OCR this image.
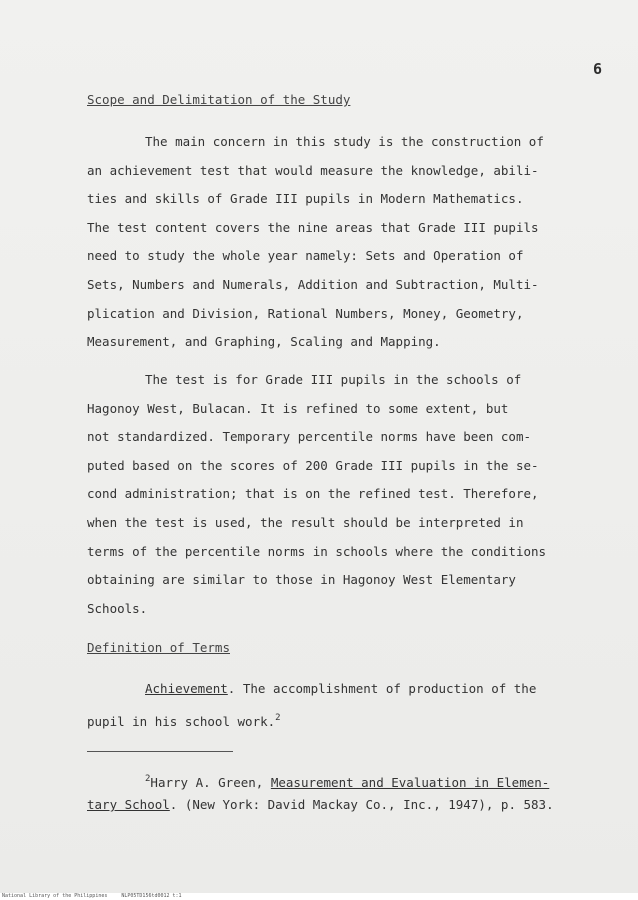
6
Scope and Delimitation of the Study

The main concern in this study is the construction of
an achievement test that would measure the knowledge, abili-
ties and skills of Grade III pupils in Modern Mathematics.
The test content covers the nine areas that Grade III pupils
need to study the whole year namely: Sets and Operation of
Sets, Numbers and Numerals, Addition and Subtraction, Multi-
plication and Division, Rational Numbers, Money, Geometry,
Measurement, and Graphing, Scaling and Mapping.

The test is for Grade III pupils in the schools of
Hagonoy West, Bulacan. It is refined to some extent, but
not standardized. Temporary percentile norms have been com-
puted based on the scores of 200 Grade III pupils in the se-
cond administration; that is on the refined test. Therefore,
when the test is used, the result should be interpreted in
terms of the percentile norms in schools where the conditions
obtaining are similar to those in Hagonoy West Elementary
Schools.

Definition of Terms

Achievement. The accomplishment of production of the
pupil in his school work.$^2$

$^2$Harry A. Green, Measurement and Evaluation in Elemen-
tary School. (New York: David Mackay Co., Inc., 1947), p. 583.

National Library of the Philippines	NLP05TD156td0012 t:1
